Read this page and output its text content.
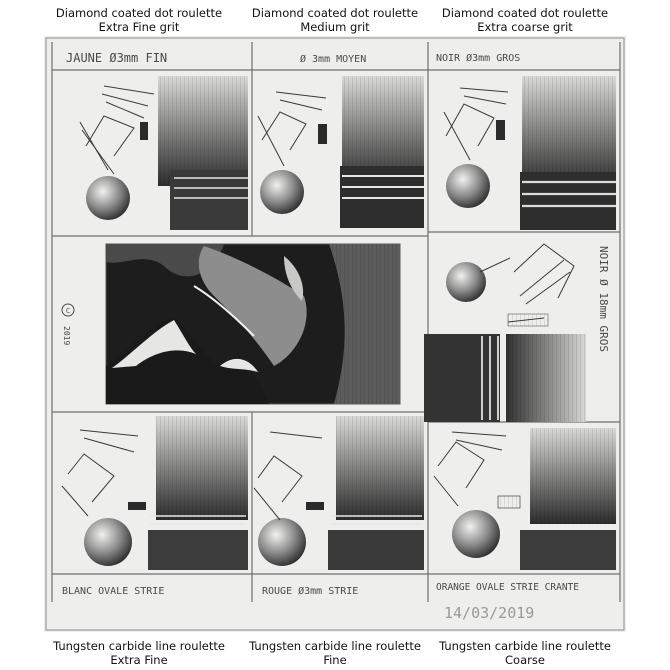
Diamond coated dot roulette
Extra Fine grit
Diamond coated dot roulette
Medium grit
Diamond coated dot roulette
Extra coarse grit
C
2019
JAUNE Ø3mm FIN	Ø 3mm MOYEN	NOIR Ø3mm GROS
NOIR Ø 18mm GROS
BLANC OVALE STRIE	ROUGE Ø3mm STRIE	ORANGE OVALE STRIE CRANTE
14/03/2019
Tungsten carbide line roulette
Extra Fine
Tungsten carbide line roulette
Fine
Tungsten carbide line roulette
Coarse
